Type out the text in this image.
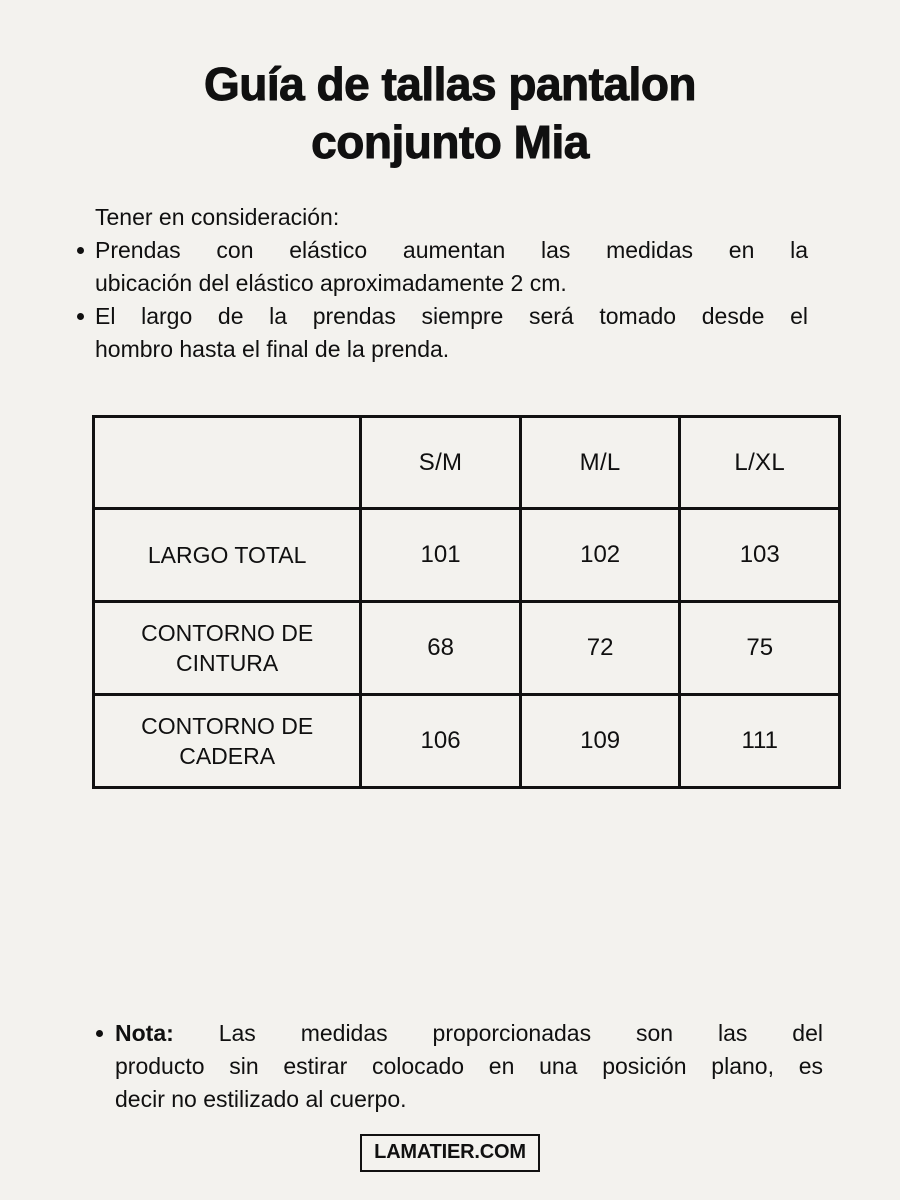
Guía de tallas pantalon
conjunto Mia

Tener en consideración:

Prendas con elástico aumentan las medidas en la
ubicación del elástico aproximadamente 2 cm.
El largo de la prendas siempre será tomado desde el
hombro hasta el final de la prenda.
	S/M	M/L	L/XL
LARGO TOTAL	101	102	103
CONTORNO DE CINTURA	68	72	75
CONTORNO DE CADERA	106	109	111
Nota: Las medidas proporcionadas son las del
producto sin estirar colocado en una posición plano, es
decir no estilizado al cuerpo.
LAMATIER.COM
